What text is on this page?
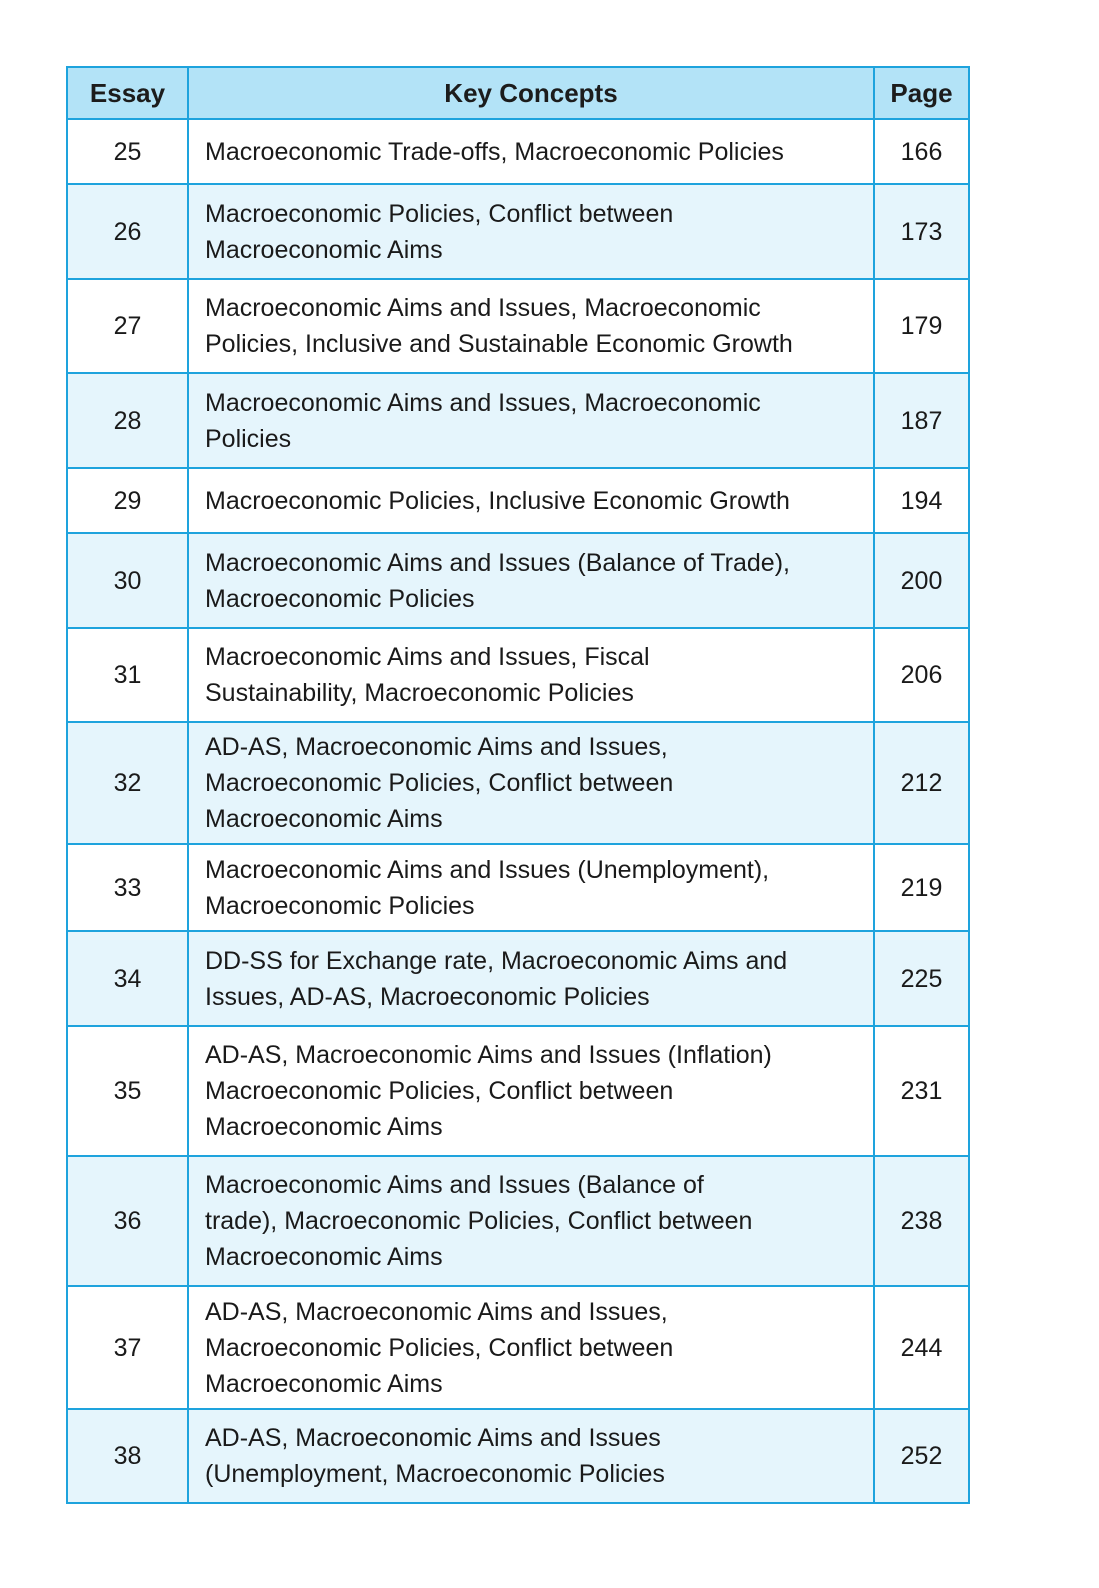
Essay	Key Concepts	Page
25	Macroeconomic Trade-offs, Macroeconomic Policies	166
26	Macroeconomic Policies, Conflict between
Macroeconomic Aims	173
27	Macroeconomic Aims and Issues, Macroeconomic
Policies, Inclusive and Sustainable Economic Growth	179
28	Macroeconomic Aims and Issues, Macroeconomic
Policies	187
29	Macroeconomic Policies, Inclusive Economic Growth	194
30	Macroeconomic Aims and Issues (Balance of Trade),
Macroeconomic Policies	200
31	Macroeconomic Aims and Issues, Fiscal
Sustainability, Macroeconomic Policies	206
32	AD-AS, Macroeconomic Aims and Issues,
Macroeconomic Policies, Conflict between
Macroeconomic Aims	212
33	Macroeconomic Aims and Issues (Unemployment),
Macroeconomic Policies	219
34	DD-SS for Exchange rate, Macroeconomic Aims and
Issues, AD-AS, Macroeconomic Policies	225
35	AD-AS, Macroeconomic Aims and Issues (Inflation)
Macroeconomic Policies, Conflict between
Macroeconomic Aims	231
36	Macroeconomic Aims and Issues (Balance of
trade), Macroeconomic Policies, Conflict between
Macroeconomic Aims	238
37	AD-AS, Macroeconomic Aims and Issues,
Macroeconomic Policies, Conflict between
Macroeconomic Aims	244
38	AD-AS, Macroeconomic Aims and Issues
(Unemployment, Macroeconomic Policies	252
